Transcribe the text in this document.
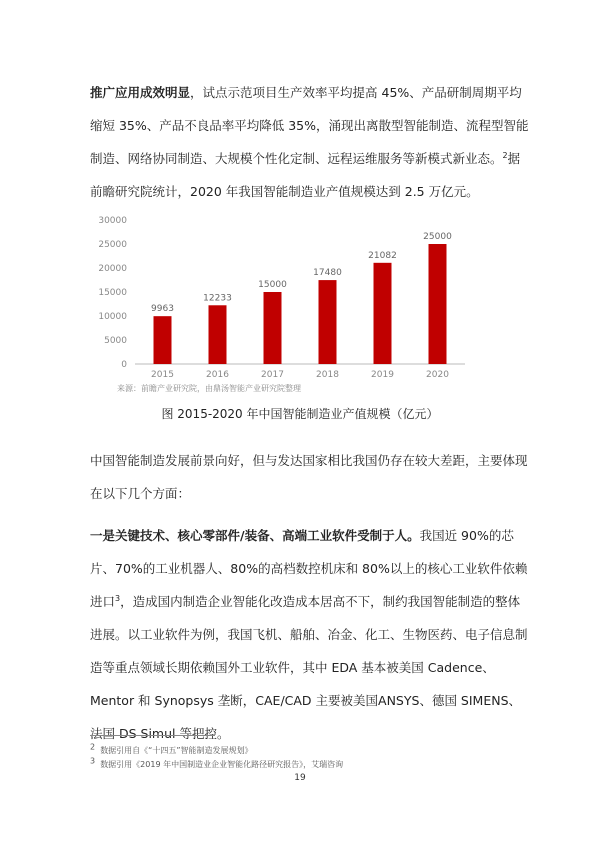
推广应用成效明显，试点示范项目生产效率平均提高 45%、产品研制周期平均缩短 35%、产品不良品率平均降低 35%，涌现出离散型智能制造、流程型智能制造、网络协同制造、大规模个性化定制、远程运维服务等新模式新业态。$^2$据前瞻研究院统计，2020 年我国智能制造业产值规模达到 2.5 万亿元。

0
5000
10000
15000
20000
25000
30000
9963
12233
15000
17480
21082
25000
2015	2016	2017	2018	2019	2020
来源：前瞻产业研究院，由鼎汤智能产业研究院整理
图 2015-2020 年中国智能制造业产值规模（亿元）

中国智能制造发展前景向好，但与发达国家相比我国仍存在较大差距，主要体现在以下几个方面：

一是关键技术、核心零部件/装备、高端工业软件受制于人。我国近 90%的芯片、70%的工业机器人、80%的高档数控机床和 80%以上的核心工业软件依赖进口$^3$，造成国内制造企业智能化改造成本居高不下，制约我国智能制造的整体进展。以工业软件为例，我国飞机、船舶、冶金、化工、生物医药、电子信息制造等重点领域长期依赖国外工业软件，其中 EDA 基本被美国 Cadence、Mentor 和 Synopsys 垄断，CAE/CAD 主要被美国ANSYS、德国 SIMENS、法国 DS Simul 等把控。

$^2$ 数据引用自《“十四五”智能制造发展规划》
$^3$ 数据引用《2019 年中国制造业企业智能化路径研究报告》，艾瑞咨询
19
